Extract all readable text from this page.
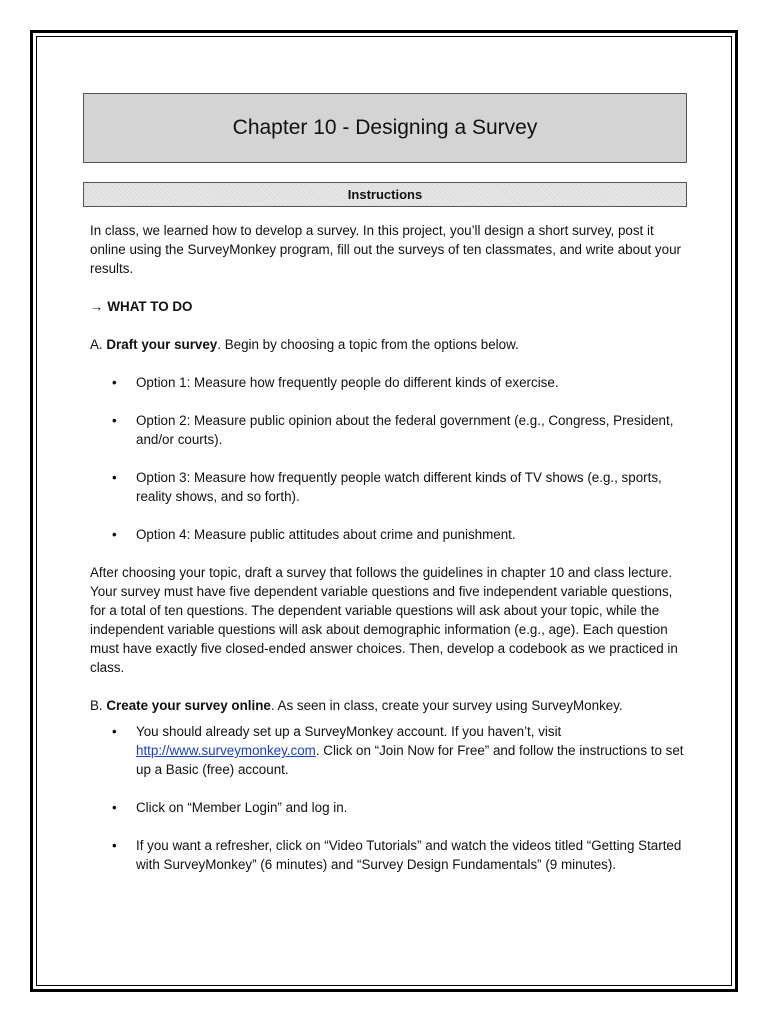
Chapter 10 - Designing a Survey
Instructions

In class, we learned how to develop a survey. In this project, you’ll design a short survey, post it online using the SurveyMonkey program, fill out the surveys of ten classmates, and write about your results.

→ WHAT TO DO

A. Draft your survey. Begin by choosing a topic from the options below.

• Option 1: Measure how frequently people do different kinds of exercise.
• Option 2: Measure public opinion about the federal government (e.g., Congress, President, and/or courts).
• Option 3: Measure how frequently people watch different kinds of TV shows (e.g., sports, reality shows, and so forth).
• Option 4: Measure public attitudes about crime and punishment.

After choosing your topic, draft a survey that follows the guidelines in chapter 10 and class lecture. Your survey must have five dependent variable questions and five independent variable questions, for a total of ten questions. The dependent variable questions will ask about your topic, while the independent variable questions will ask about demographic information (e.g., age). Each question must have exactly five closed-ended answer choices. Then, develop a codebook as we practiced in class.

B. Create your survey online. As seen in class, create your survey using SurveyMonkey.

• You should already set up a SurveyMonkey account. If you haven’t, visit http://www.surveymonkey.com. Click on “Join Now for Free” and follow the instructions to set up a Basic (free) account.
• Click on “Member Login” and log in.
• If you want a refresher, click on “Video Tutorials” and watch the videos titled “Getting Started with SurveyMonkey” (6 minutes) and “Survey Design Fundamentals” (9 minutes).
